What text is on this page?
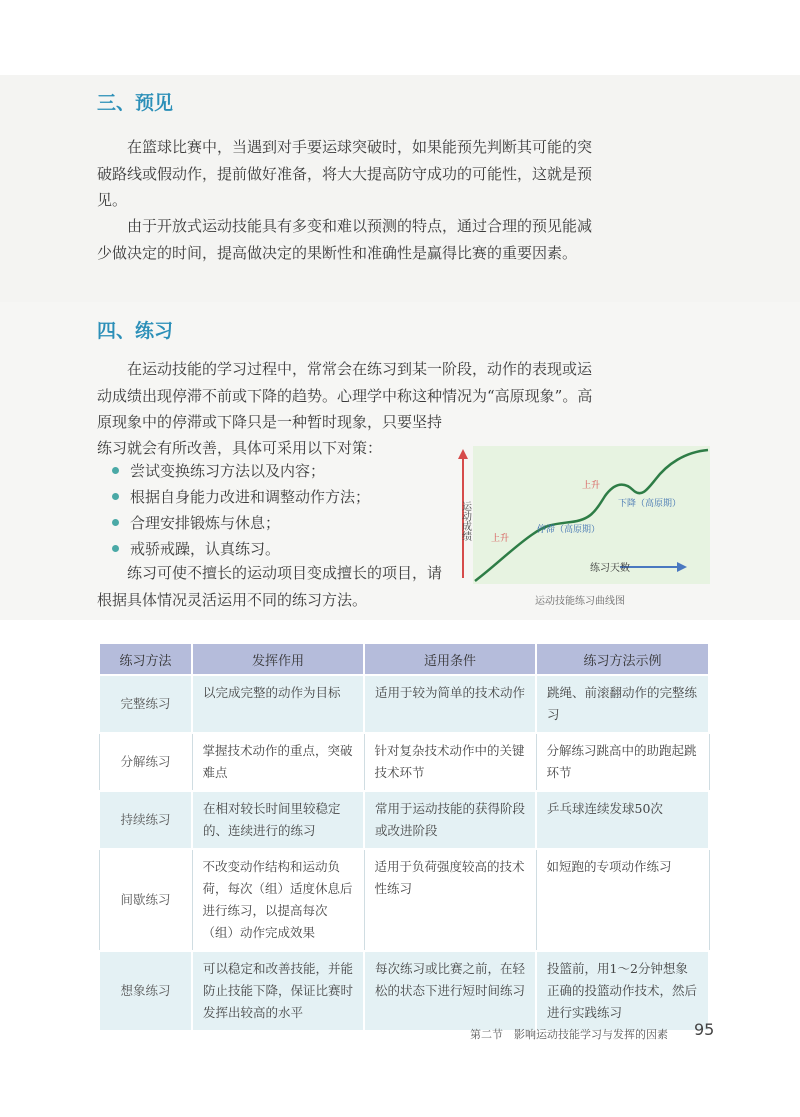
三、预见

在篮球比赛中，当遇到对手要运球突破时，如果能预先判断其可能的突破路线或假动作，提前做好准备，将大大提高防守成功的可能性，这就是预见。

由于开放式运动技能具有多变和难以预测的特点，通过合理的预见能减少做决定的时间，提高做决定的果断性和准确性是赢得比赛的重要因素。

四、练习

在运动技能的学习过程中，常常会在练习到某一阶段，动作的表现或运动成绩出现停滞不前或下降的趋势。心理学中称这种情况为“高原现象”。高原现象中的停滞或下降只是一种暂时现象，只要坚持

练习就会有所改善，具体可采用以下对策：

尝试变换练习方法以及内容；
根据自身能力改进和调整动作方法；
合理安排锻炼与休息；
戒骄戒躁，认真练习。

练习可使不擅长的运动项目变成擅长的项目，请根据具体情况灵活运用不同的练习方法。

运动成绩
练习天数
上升
停滞（高原期）
上升
下降（高原期）
运动技能练习曲线图
练习方法	发挥作用	适用条件	练习方法示例
完整练习	以完成完整的动作为目标	适用于较为简单的技术动作	跳绳、前滚翻动作的完整练习
分解练习	掌握技术动作的重点，突破难点	针对复杂技术动作中的关键技术环节	分解练习跳高中的助跑起跳环节
持续练习	在相对较长时间里较稳定的、连续进行的练习	常用于运动技能的获得阶段或改进阶段	乒乓球连续发球50次
间歇练习	不改变动作结构和运动负荷，每次（组）适度休息后进行练习，以提高每次（组）动作完成效果	适用于负荷强度较高的技术性练习	如短跑的专项动作练习
想象练习	可以稳定和改善技能，并能防止技能下降，保证比赛时发挥出较高的水平	每次练习或比赛之前，在轻松的状态下进行短时间练习	投篮前，用1～2分钟想象正确的投篮动作技术，然后进行实践练习
第二节　影响运动技能学习与发挥的因素 95
